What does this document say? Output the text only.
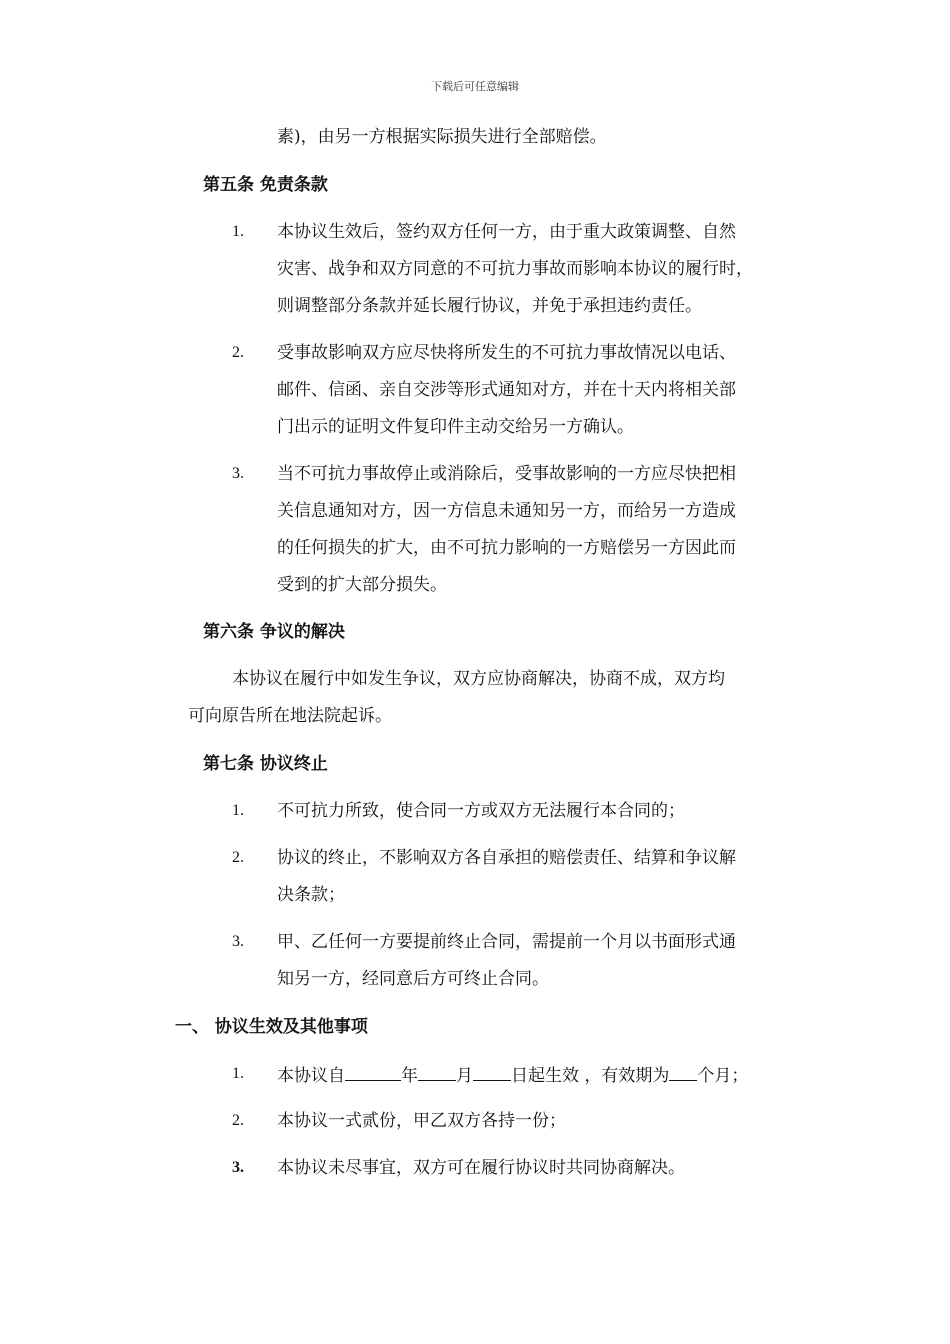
下载后可任意编辑
素)，由另一方根据实际损失进行全部赔偿。
第五条 免责条款
1. 本协议生效后，签约双方任何一方，由于重大政策调整、自然
灾害、战争和双方同意的不可抗力事故而影响本协议的履行时，
则调整部分条款并延长履行协议，并免于承担违约责任。
2. 受事故影响双方应尽快将所发生的不可抗力事故情况以电话、
邮件、信函、亲自交涉等形式通知对方，并在十天内将相关部
门出示的证明文件复印件主动交给另一方确认。
3. 当不可抗力事故停止或消除后，受事故影响的一方应尽快把相
关信息通知对方，因一方信息未通知另一方，而给另一方造成
的任何损失的扩大，由不可抗力影响的一方赔偿另一方因此而
受到的扩大部分损失。
第六条 争议的解决
本协议在履行中如发生争议，双方应协商解决，协商不成，双方均
可向原告所在地法院起诉。
第七条 协议终止
1. 不可抗力所致，使合同一方或双方无法履行本合同的；
2. 协议的终止，不影响双方各自承担的赔偿责任、结算和争议解
决条款；
3. 甲、乙任何一方要提前终止合同，需提前一个月以书面形式通
知另一方，经同意后方可终止合同。
一、 协议生效及其他事项
1. 本协议自	年 月 日起生效 ，有效期为 个月；
2. 本协议一式贰份，甲乙双方各持一份；
3. 本协议未尽事宜，双方可在履行协议时共同协商解决。
